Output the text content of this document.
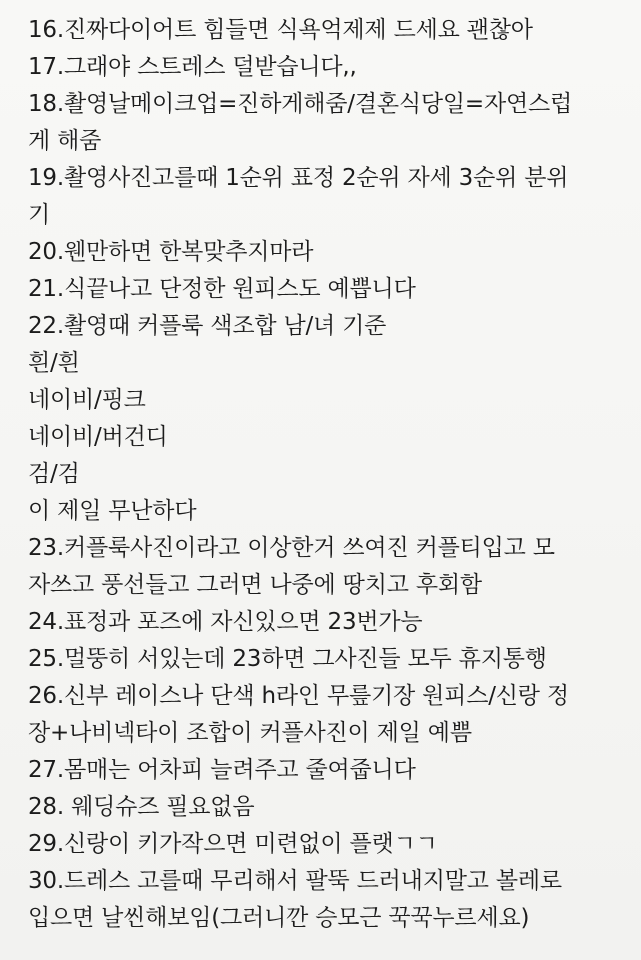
16.진짜다이어트 힘들면 식욕억제제 드세요 괜찮아
17.그래야 스트레스 덜받습니다,,
18.촬영날메이크업=진하게해줌/결혼식당일=자연스럽
게 해줌
19.촬영사진고를때 1순위 표정 2순위 자세 3순위 분위
기
20.웬만하면 한복맞추지마라
21.식끝나고 단정한 원피스도 예쁩니다
22.촬영때 커플룩 색조합 남/녀 기준
흰/흰
네이비/핑크
네이비/버건디
검/검
이 제일 무난하다
23.커플룩사진이라고 이상한거 쓰여진 커플티입고 모
자쓰고 풍선들고 그러면 나중에 땅치고 후회함
24.표정과 포즈에 자신있으면 23번가능
25.멀뚱히 서있는데 23하면 그사진들 모두 휴지통행
26.신부 레이스나 단색 h라인 무릎기장 원피스/신랑 정
장+나비넥타이 조합이 커플사진이 제일 예쁨
27.몸매는 어차피 늘려주고 줄여줍니다
28. 웨딩슈즈 필요없음
29.신랑이 키가작으면 미련없이 플랫ㄱㄱ
30.드레스 고를때 무리해서 팔뚝 드러내지말고 볼레로
입으면 날씬해보임(그러니깐 승모근 꾹꾹누르세요)
